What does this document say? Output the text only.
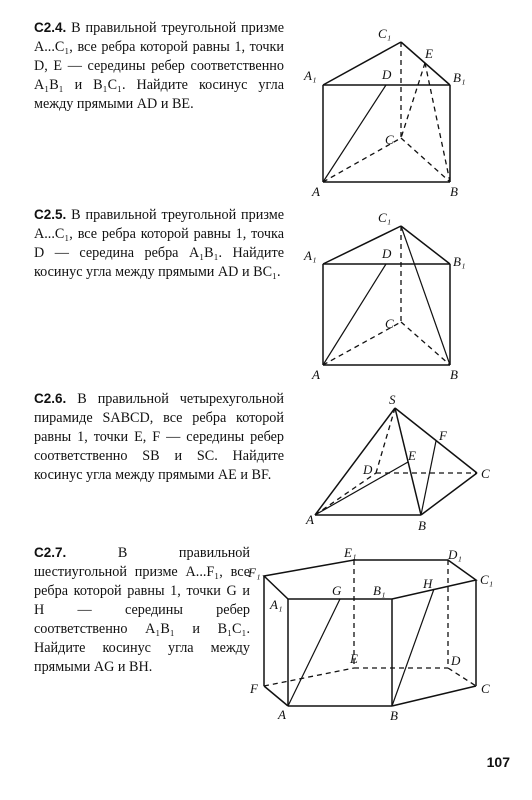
С2.4. В правильной треугольной призме A...C₁, все ребра которой равны 1, точки D, E — середины ребер соответственно A₁B₁ и B₁C₁. Найдите косинус угла между прямыми AD и BE.
C₁
A₁	D
E
B₁
C
A	B
С2.5. В правильной треугольной призме A...C₁, все ребра которой равны 1, точка D — середина ребра A₁B₁. Найдите косинус угла между прямыми AD и BC₁.
C₁
A₁	D
B₁
C
A	B
С2.6. В правильной четырехугольной пирамиде SABCD, все ребра которой равны 1, точки E, F — середины ребер соответственно SB и SC. Найдите косинус угла между прямыми AE и BF.
S
F
D
E
C
A	B
С2.7.	В правильной шестиугольной призме A...F₁, все ребра которой равны 1, точки G и H — середины ребер соответственно A₁B₁ и B₁C₁. Найдите косинус угла между прямыми AG и BH.
E₁	D₁
F₁
H	C₁
A₁
G B₁
E	D
F	C
A	B
107
